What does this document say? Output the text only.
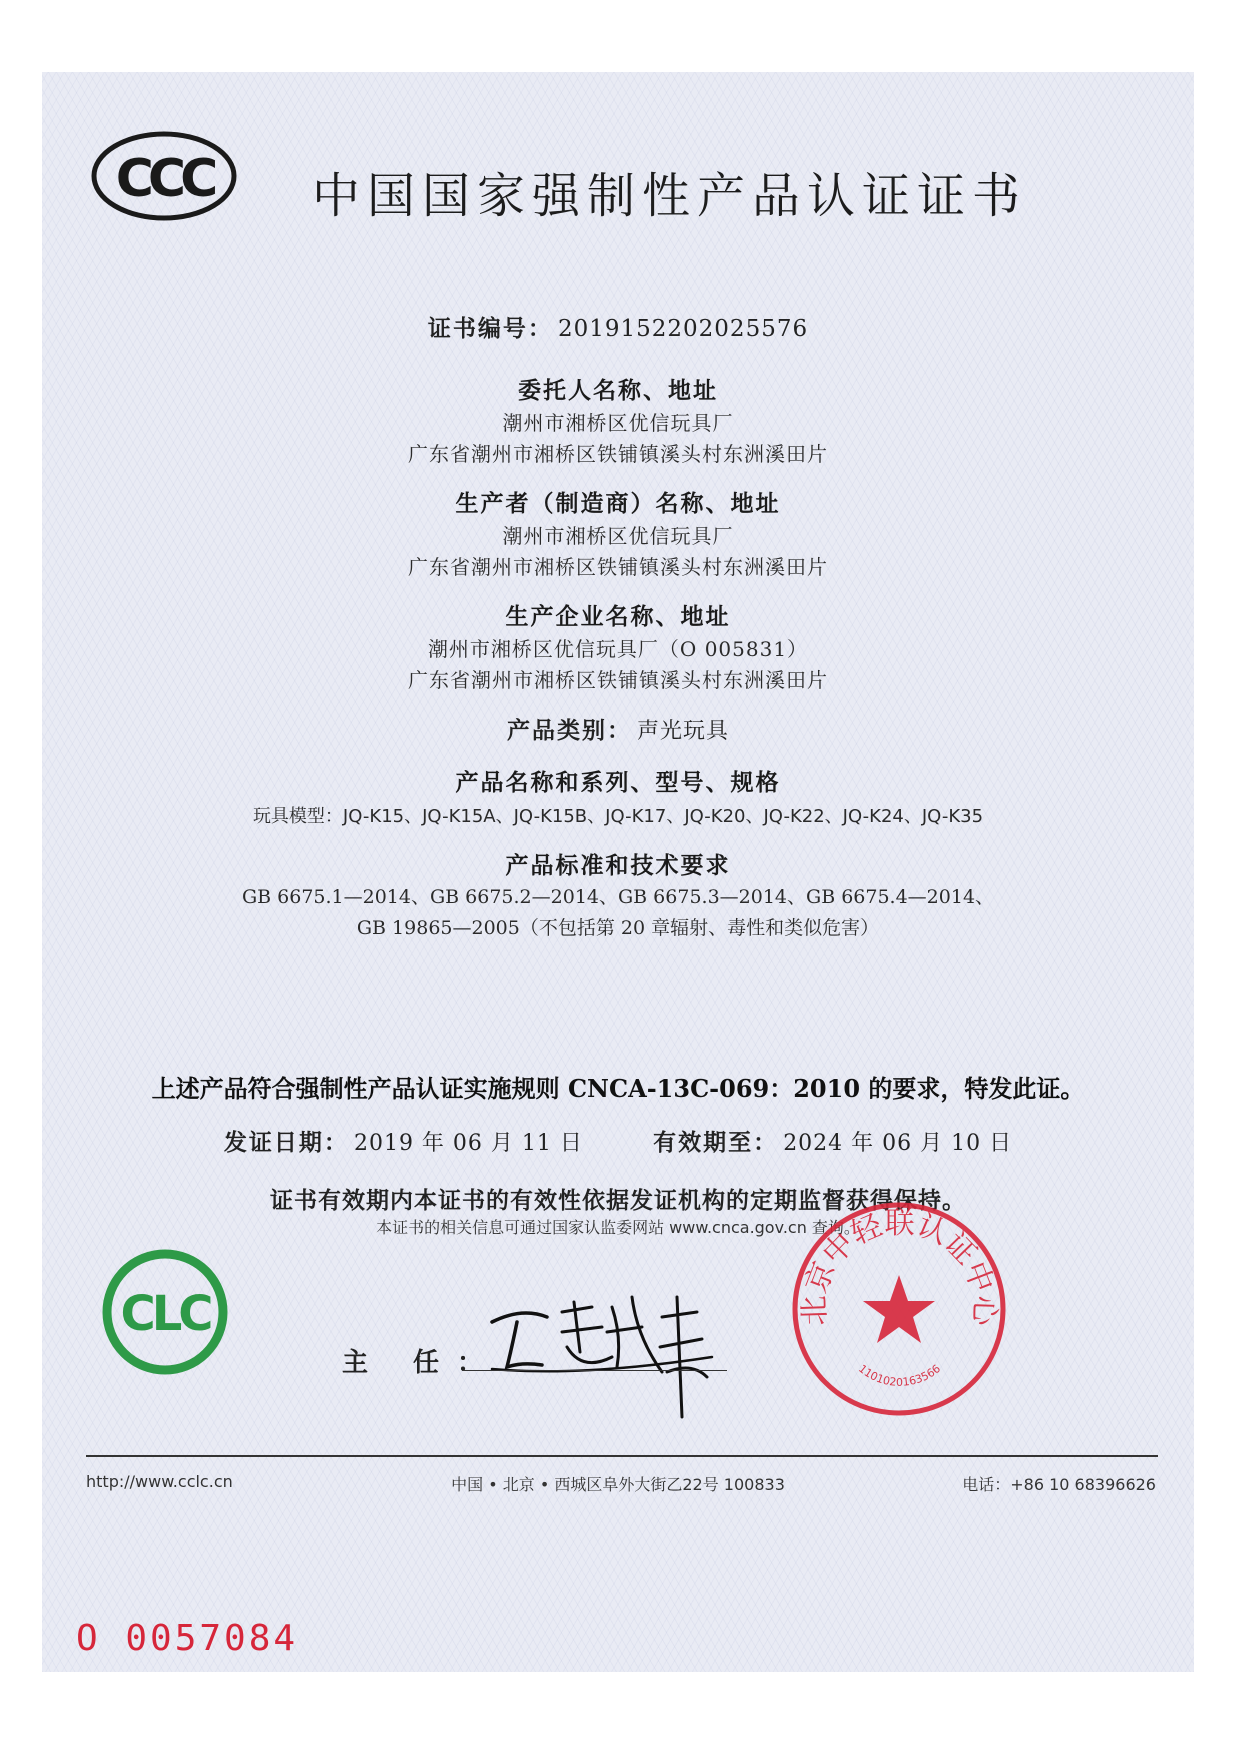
CCC 中国国家强制性产品认证证书
证书编号： 2019152202025576
委托人名称、地址
潮州市湘桥区优信玩具厂
广东省潮州市湘桥区铁铺镇溪头村东洲溪田片
生产者（制造商）名称、地址
潮州市湘桥区优信玩具厂
广东省潮州市湘桥区铁铺镇溪头村东洲溪田片
生产企业名称、地址
潮州市湘桥区优信玩具厂（O 005831）
广东省潮州市湘桥区铁铺镇溪头村东洲溪田片
产品类别： 声光玩具
产品名称和系列、型号、规格
玩具模型：JQ-K15、JQ-K15A、JQ-K15B、JQ-K17、JQ-K20、JQ-K22、JQ-K24、JQ-K35
产品标准和技术要求
GB 6675.1—2014、GB 6675.2—2014、GB 6675.3—2014、GB 6675.4—2014、
GB 19865—2005（不包括第 20 章辐射、毒性和类似危害）
上述产品符合强制性产品认证实施规则 CNCA-13C-069：2010 的要求，特发此证。
发证日期： 2019 年 06 月 11 日	有效期至： 2024 年 06 月 10 日
证书有效期内本证书的有效性依据发证机构的定期监督获得保持。
本证书的相关信息可通过国家认监委网站 www.cnca.gov.cn 查询。
CLC
主 任：
北京中轻联认证中心
1101020163566
http://www.cclc.cn	中国 • 北京 • 西城区阜外大街乙22号 100833	电话：+86 10 68396626
O 0057084
